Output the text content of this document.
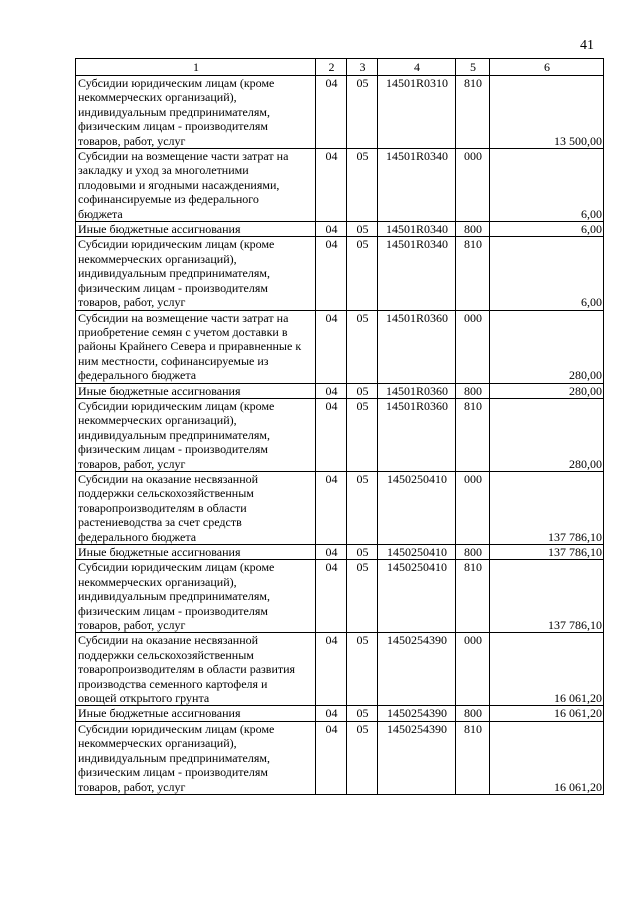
41
1	2	3	4	5	6

Субсидии юридическим лицам (кроме
некоммерческих организаций),
индивидуальным предпринимателям,
физическим лицам - производителям
товаров, работ, услуг	04	05	14501R0310	810	13 500,00

Субсидии на возмещение части затрат на
закладку и уход за многолетними
плодовыми и ягодными насаждениями,
софинансируемые из федерального
бюджета	04	05	14501R0340	000	6,00

Иные бюджетные ассигнования	04	05	14501R0340	800	6,00

Субсидии юридическим лицам (кроме
некоммерческих организаций),
индивидуальным предпринимателям,
физическим лицам - производителям
товаров, работ, услуг	04	05	14501R0340	810	6,00

Субсидии на возмещение части затрат на
приобретение семян с учетом доставки в
районы Крайнего Севера и приравненные к
ним местности, софинансируемые из
федерального бюджета	04	05	14501R0360	000	280,00

Иные бюджетные ассигнования	04	05	14501R0360	800	280,00

Субсидии юридическим лицам (кроме
некоммерческих организаций),
индивидуальным предпринимателям,
физическим лицам - производителям
товаров, работ, услуг	04	05	14501R0360	810	280,00

Субсидии на оказание несвязанной
поддержки сельскохозяйственным
товаропроизводителям в области
растениеводства за счет средств
федерального бюджета	04	05	1450250410	000	137 786,10

Иные бюджетные ассигнования	04	05	1450250410	800	137 786,10

Субсидии юридическим лицам (кроме
некоммерческих организаций),
индивидуальным предпринимателям,
физическим лицам - производителям
товаров, работ, услуг	04	05	1450250410	810	137 786,10

Субсидии на оказание несвязанной
поддержки сельскохозяйственным
товаропроизводителям в области развития
производства семенного картофеля и
овощей открытого грунта	04	05	1450254390	000	16 061,20

Иные бюджетные ассигнования	04	05	1450254390	800	16 061,20

Субсидии юридическим лицам (кроме
некоммерческих организаций),
индивидуальным предпринимателям,
физическим лицам - производителям
товаров, работ, услуг	04	05	1450254390	810	16 061,20
